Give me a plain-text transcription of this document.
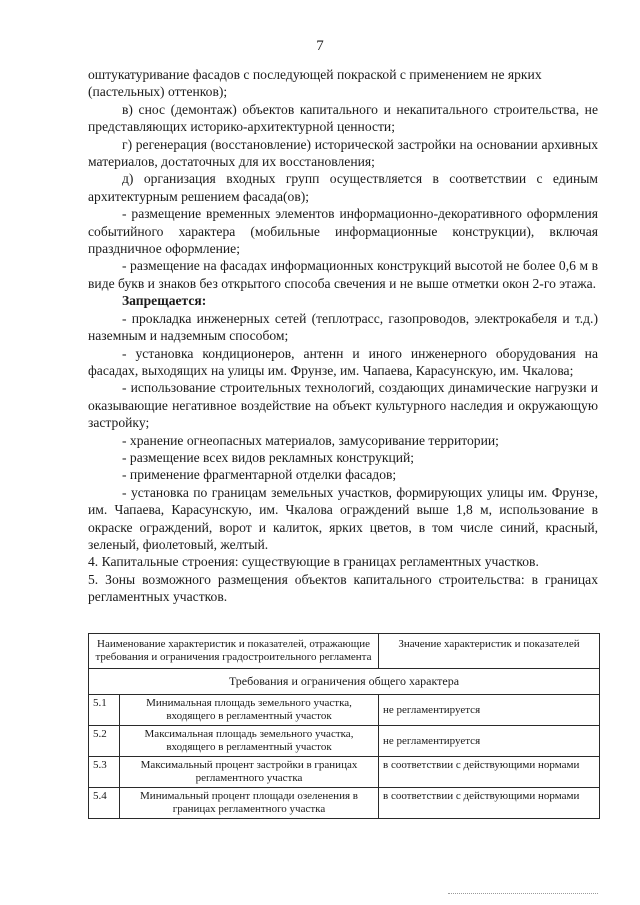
7

оштукатуривание фасадов с последующей покраской с применением не ярких

(пастельных) оттенков);

в) снос (демонтаж) объектов капитального и некапитального строительства, не представляющих историко-архитектурной ценности;

г) регенерация (восстановление) исторической застройки на основании архивных материалов, достаточных для их восстановления;

д) организация входных групп осуществляется в соответствии с единым архитектурным решением фасада(ов);

- размещение временных элементов информационно-декоративного оформления событийного характера (мобильные информационные конструкции), включая праздничное оформление;

- размещение на фасадах информационных конструкций высотой не более 0,6 м в виде букв и знаков без открытого способа свечения и не выше отметки окон 2-го этажа.

Запрещается:

- прокладка инженерных сетей (теплотрасс, газопроводов, электрокабеля и т.д.) наземным и надземным способом;

- установка кондиционеров, антенн и иного инженерного оборудования на фасадах, выходящих на улицы им. Фрунзе, им. Чапаева, Карасунскую, им. Чкалова;

- использование строительных технологий, создающих динамические нагрузки и оказывающие негативное воздействие на объект культурного наследия и окружающую застройку;

- хранение огнеопасных материалов, замусоривание территории;

- размещение всех видов рекламных конструкций;

- применение фрагментарной отделки фасадов;

- установка по границам земельных участков, формирующих улицы им. Фрунзе, им. Чапаева, Карасунскую, им. Чкалова ограждений выше 1,8 м, использование в окраске ограждений, ворот и калиток, ярких цветов, в том числе синий, красный, зеленый, фиолетовый, желтый.

4. Капитальные строения: существующие в границах регламентных участков.

5. Зоны возможного размещения объектов капитального строительства: в границах регламентных участков.

Наименование характеристик и показателей, отражающие требования и ограничения градостроительного регламента		Значение характеристик и показателей
Требования и ограничения общего характера		
5.1	Минимальная площадь земельного участка, входящего в регламентный участок	не регламентируется
5.2	Максимальная площадь земельного участка, входящего в регламентный участок	не регламентируется
5.3	Максимальный процент застройки в границах регламентного участка	в соответствии с действующими нормами
5.4	Минимальный процент площади озеленения в границах регламентного участка	в соответствии с действующими нормами
